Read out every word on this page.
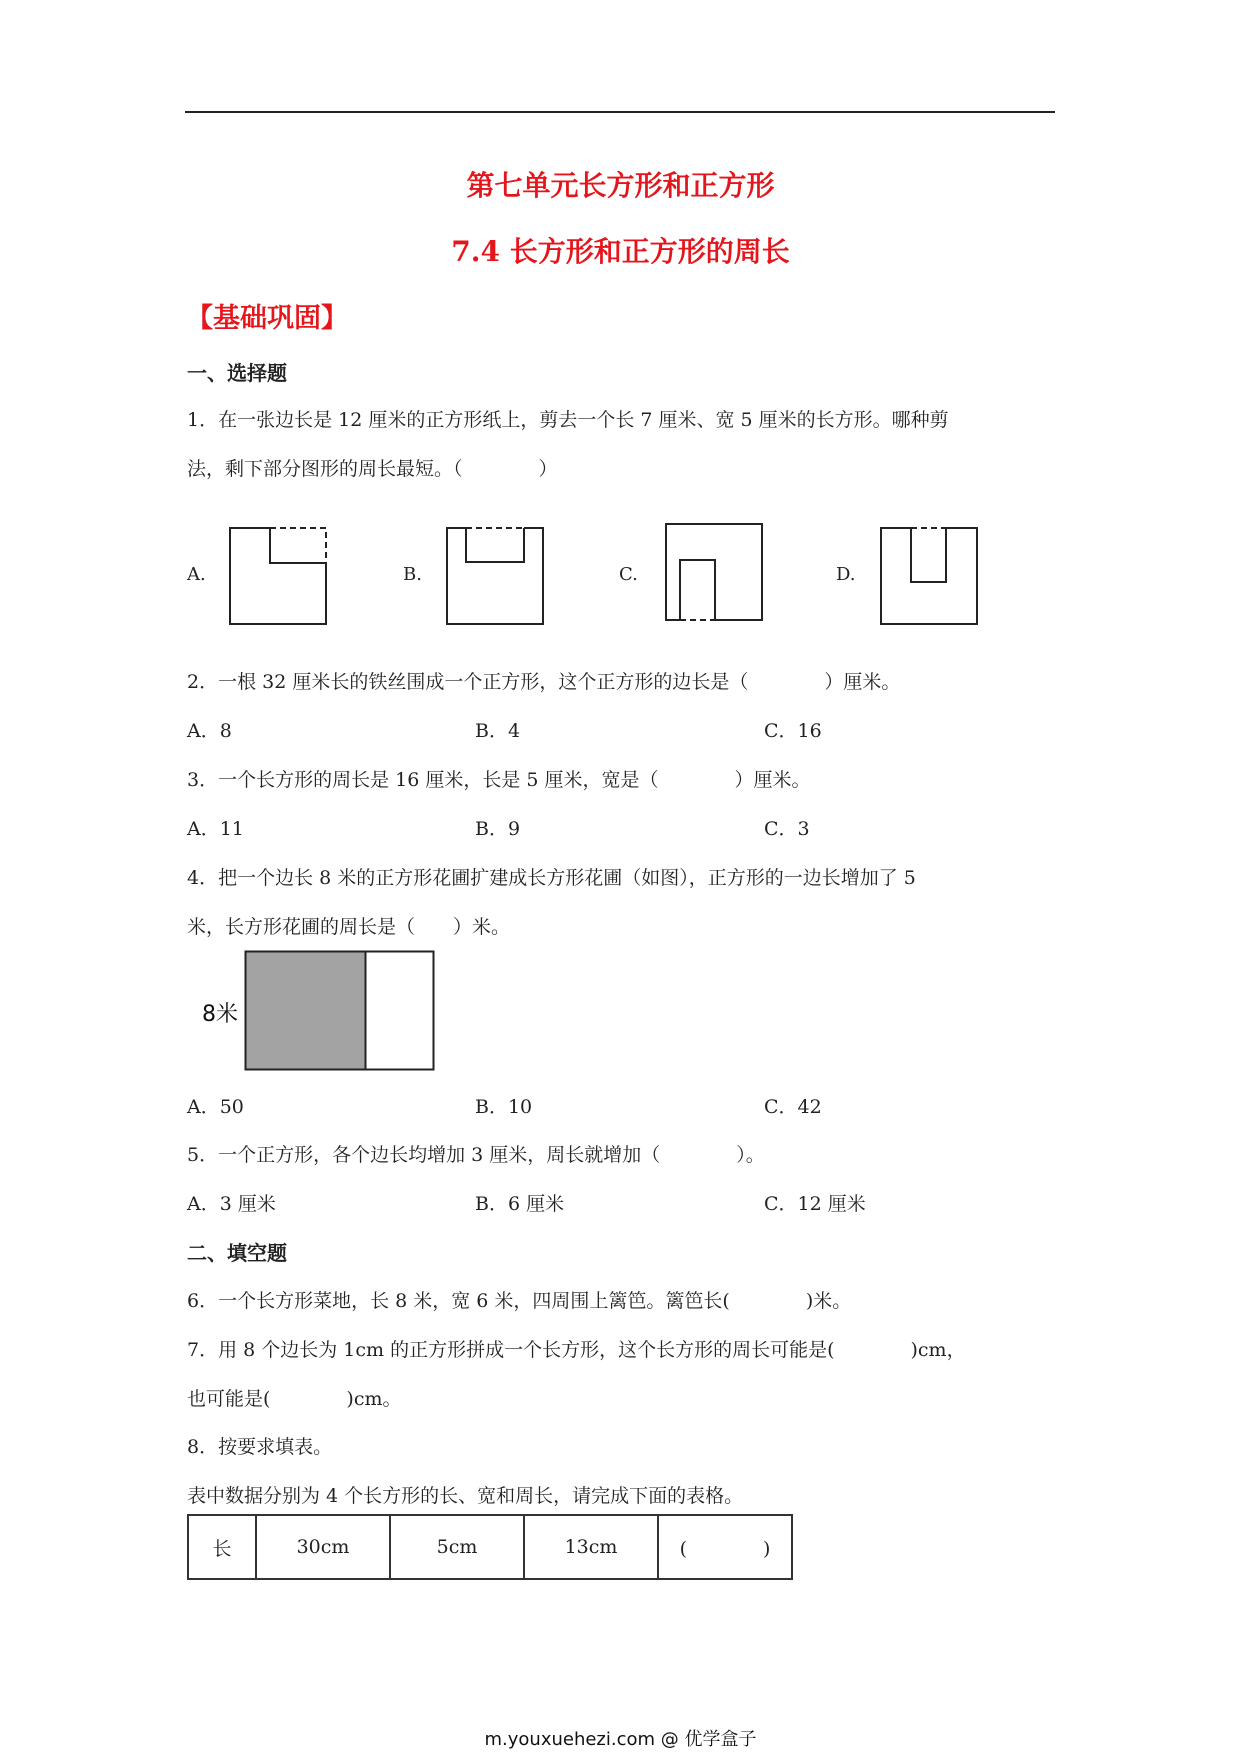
第七单元长方形和正方形
7.4 长方形和正方形的周长
【基础巩固】
一、选择题
1．在一张边长是 12 厘米的正方形纸上，剪去一个长 7 厘米、宽 5 厘米的长方形。哪种剪
法，剩下部分图形的周长最短。（　　　　）
A.	B.	C.	D.
2．一根 32 厘米长的铁丝围成一个正方形，这个正方形的边长是（　　　　）厘米。
A．8	B．4	C．16
3．一个长方形的周长是 16 厘米，长是 5 厘米，宽是（　　　　）厘米。
A．11	B．9	C．3
4．把一个边长 8 米的正方形花圃扩建成长方形花圃（如图），正方形的一边长增加了 5
米，长方形花圃的周长是（　　）米。
8米
A．50	B．10	C．42
5．一个正方形，各个边长均增加 3 厘米，周长就增加（　　　　）。
A．3 厘米	B．6 厘米	C．12 厘米
二、填空题
6．一个长方形菜地，长 8 米，宽 6 米，四周围上篱笆。篱笆长(　　　　)米。
7．用 8 个边长为 1cm 的正方形拼成一个长方形，这个长方形的周长可能是(　　　　)cm，
也可能是(　　　　)cm。
8．按要求填表。
表中数据分别为 4 个长方形的长、宽和周长，请完成下面的表格。
长	30cm	5cm	13cm	(　　　　)
m.youxuehezi.com @ 优学盒子
